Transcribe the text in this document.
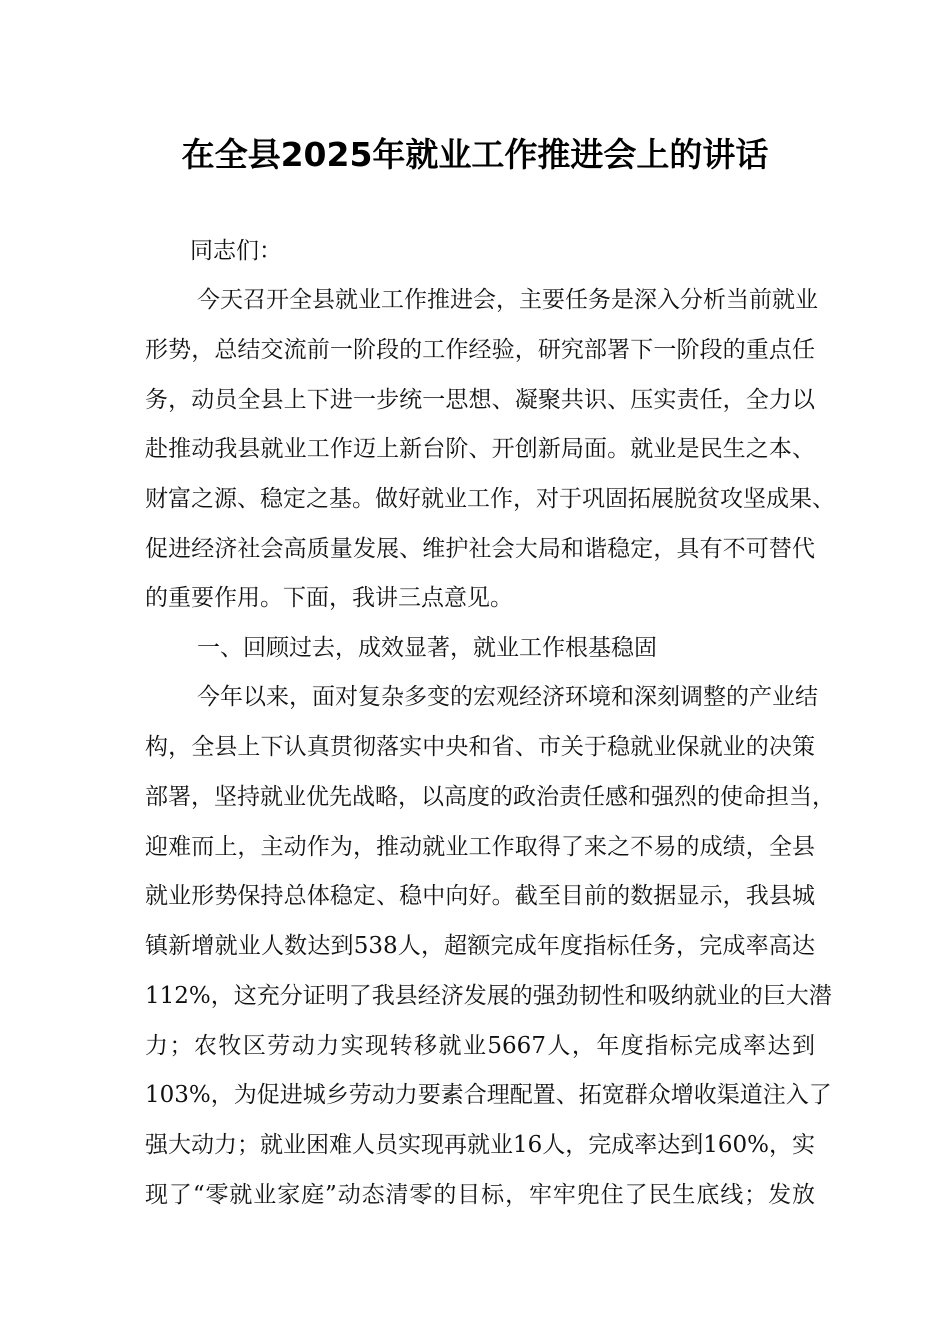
在全县2025年就业工作推进会上的讲话
同志们：
今天召开全县就业工作推进会，主要任务是深入分析当前就业
形势，总结交流前一阶段的工作经验，研究部署下一阶段的重点任
务，动员全县上下进一步统一思想、凝聚共识、压实责任，全力以
赴推动我县就业工作迈上新台阶、开创新局面。就业是民生之本、
财富之源、稳定之基。做好就业工作，对于巩固拓展脱贫攻坚成果、
促进经济社会高质量发展、维护社会大局和谐稳定，具有不可替代
的重要作用。下面，我讲三点意见。
一、回顾过去，成效显著，就业工作根基稳固
今年以来，面对复杂多变的宏观经济环境和深刻调整的产业结
构，全县上下认真贯彻落实中央和省、市关于稳就业保就业的决策
部署，坚持就业优先战略，以高度的政治责任感和强烈的使命担当，
迎难而上，主动作为，推动就业工作取得了来之不易的成绩，全县
就业形势保持总体稳定、稳中向好。截至目前的数据显示，我县城
镇新增就业人数达到538人，超额完成年度指标任务，完成率高达
112%，这充分证明了我县经济发展的强劲韧性和吸纳就业的巨大潜
力；农牧区劳动力实现转移就业5667人，年度指标完成率达到
103%，为促进城乡劳动力要素合理配置、拓宽群众增收渠道注入了
强大动力；就业困难人员实现再就业16人，完成率达到160%，实
现了“零就业家庭”动态清零的目标，牢牢兜住了民生底线；发放
